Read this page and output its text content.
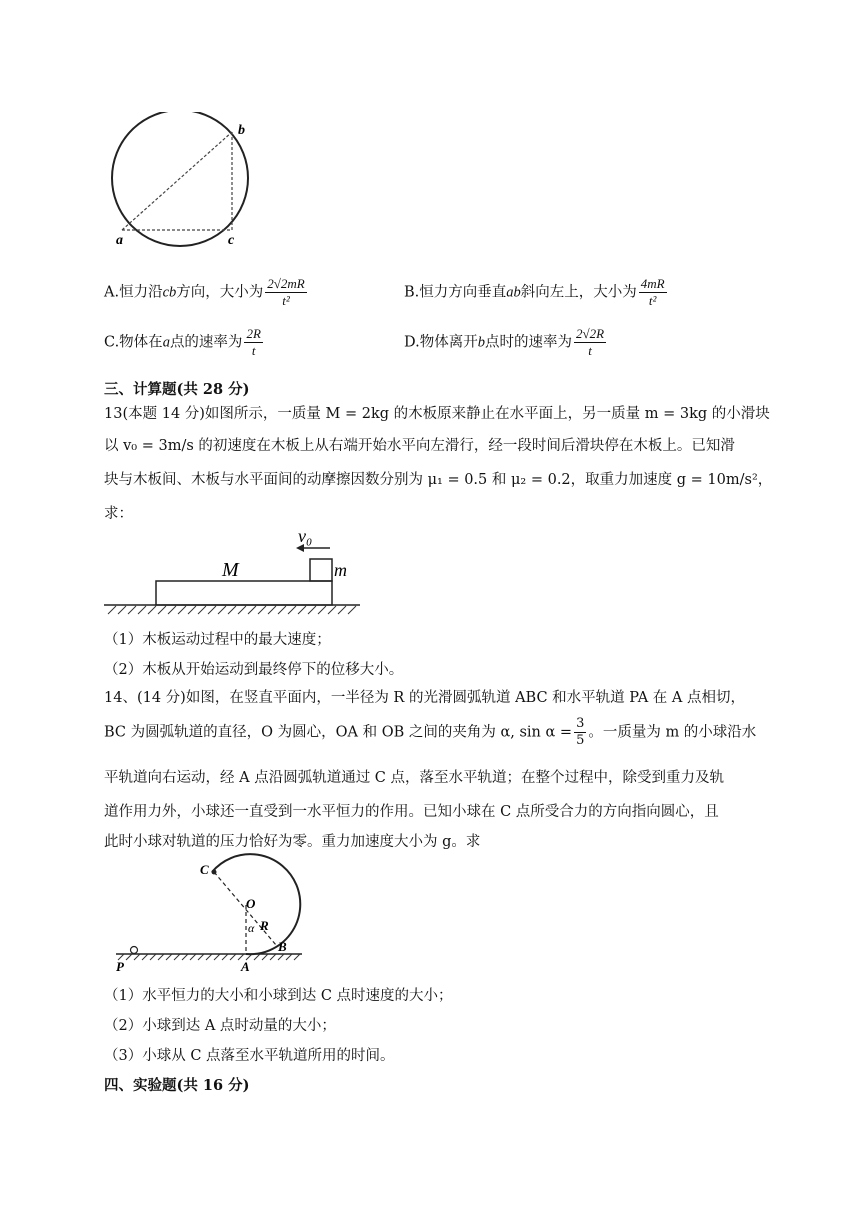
a
b
c
A.恒力沿cb方向，大小为 $\frac{2√2mR}{\text{t²}}$	B.恒力方向垂直ab斜向左上，大小为 $\frac{4mR}{\text{t²}}$
C.物体在a点的速率为 $\frac{2R}{t}$	D.物体离开b点时的速率为 $\frac{2√2R}{t}$
三、计算题(共 28 分)
13(本题 14 分)如图所示，一质量 M = 2kg 的木板原来静止在水平面上，另一质量 m = 3kg 的小滑块
以 v₀ = 3m/s 的初速度在木板上从右端开始水平向左滑行，经一段时间后滑块停在木板上。已知滑
块与木板间、木板与水平面间的动摩擦因数分别为 μ₁ = 0.5 和 μ₂ = 0.2，取重力加速度 g = 10m/s²，
求：
v₀
M	m
（1）木板运动过程中的最大速度；
（2）木板从开始运动到最终停下的位移大小。
14、(14 分)如图，在竖直平面内，一半径为 R 的光滑圆弧轨道 ABC 和水平轨道 PA 在 A 点相切，
BC 为圆弧轨道的直径，O 为圆心，OA 和 OB 之间的夹角为 α, $\sin \alpha = \frac{3}{5}$ 。一质量为 m 的小球沿水
平轨道向右运动，经 A 点沿圆弧轨道通过 C 点，落至水平轨道；在整个过程中，除受到重力及轨
道作用力外，小球还一直受到一水平恒力的作用。已知小球在 C 点所受合力的方向指向圆心，且
此时小球对轨道的压力恰好为零。重力加速度大小为 g。求
C
O
α R
B
P	A
（1）水平恒力的大小和小球到达 C 点时速度的大小；
（2）小球到达 A 点时动量的大小；
（3）小球从 C 点落至水平轨道所用的时间。
四、实验题(共 16 分)
